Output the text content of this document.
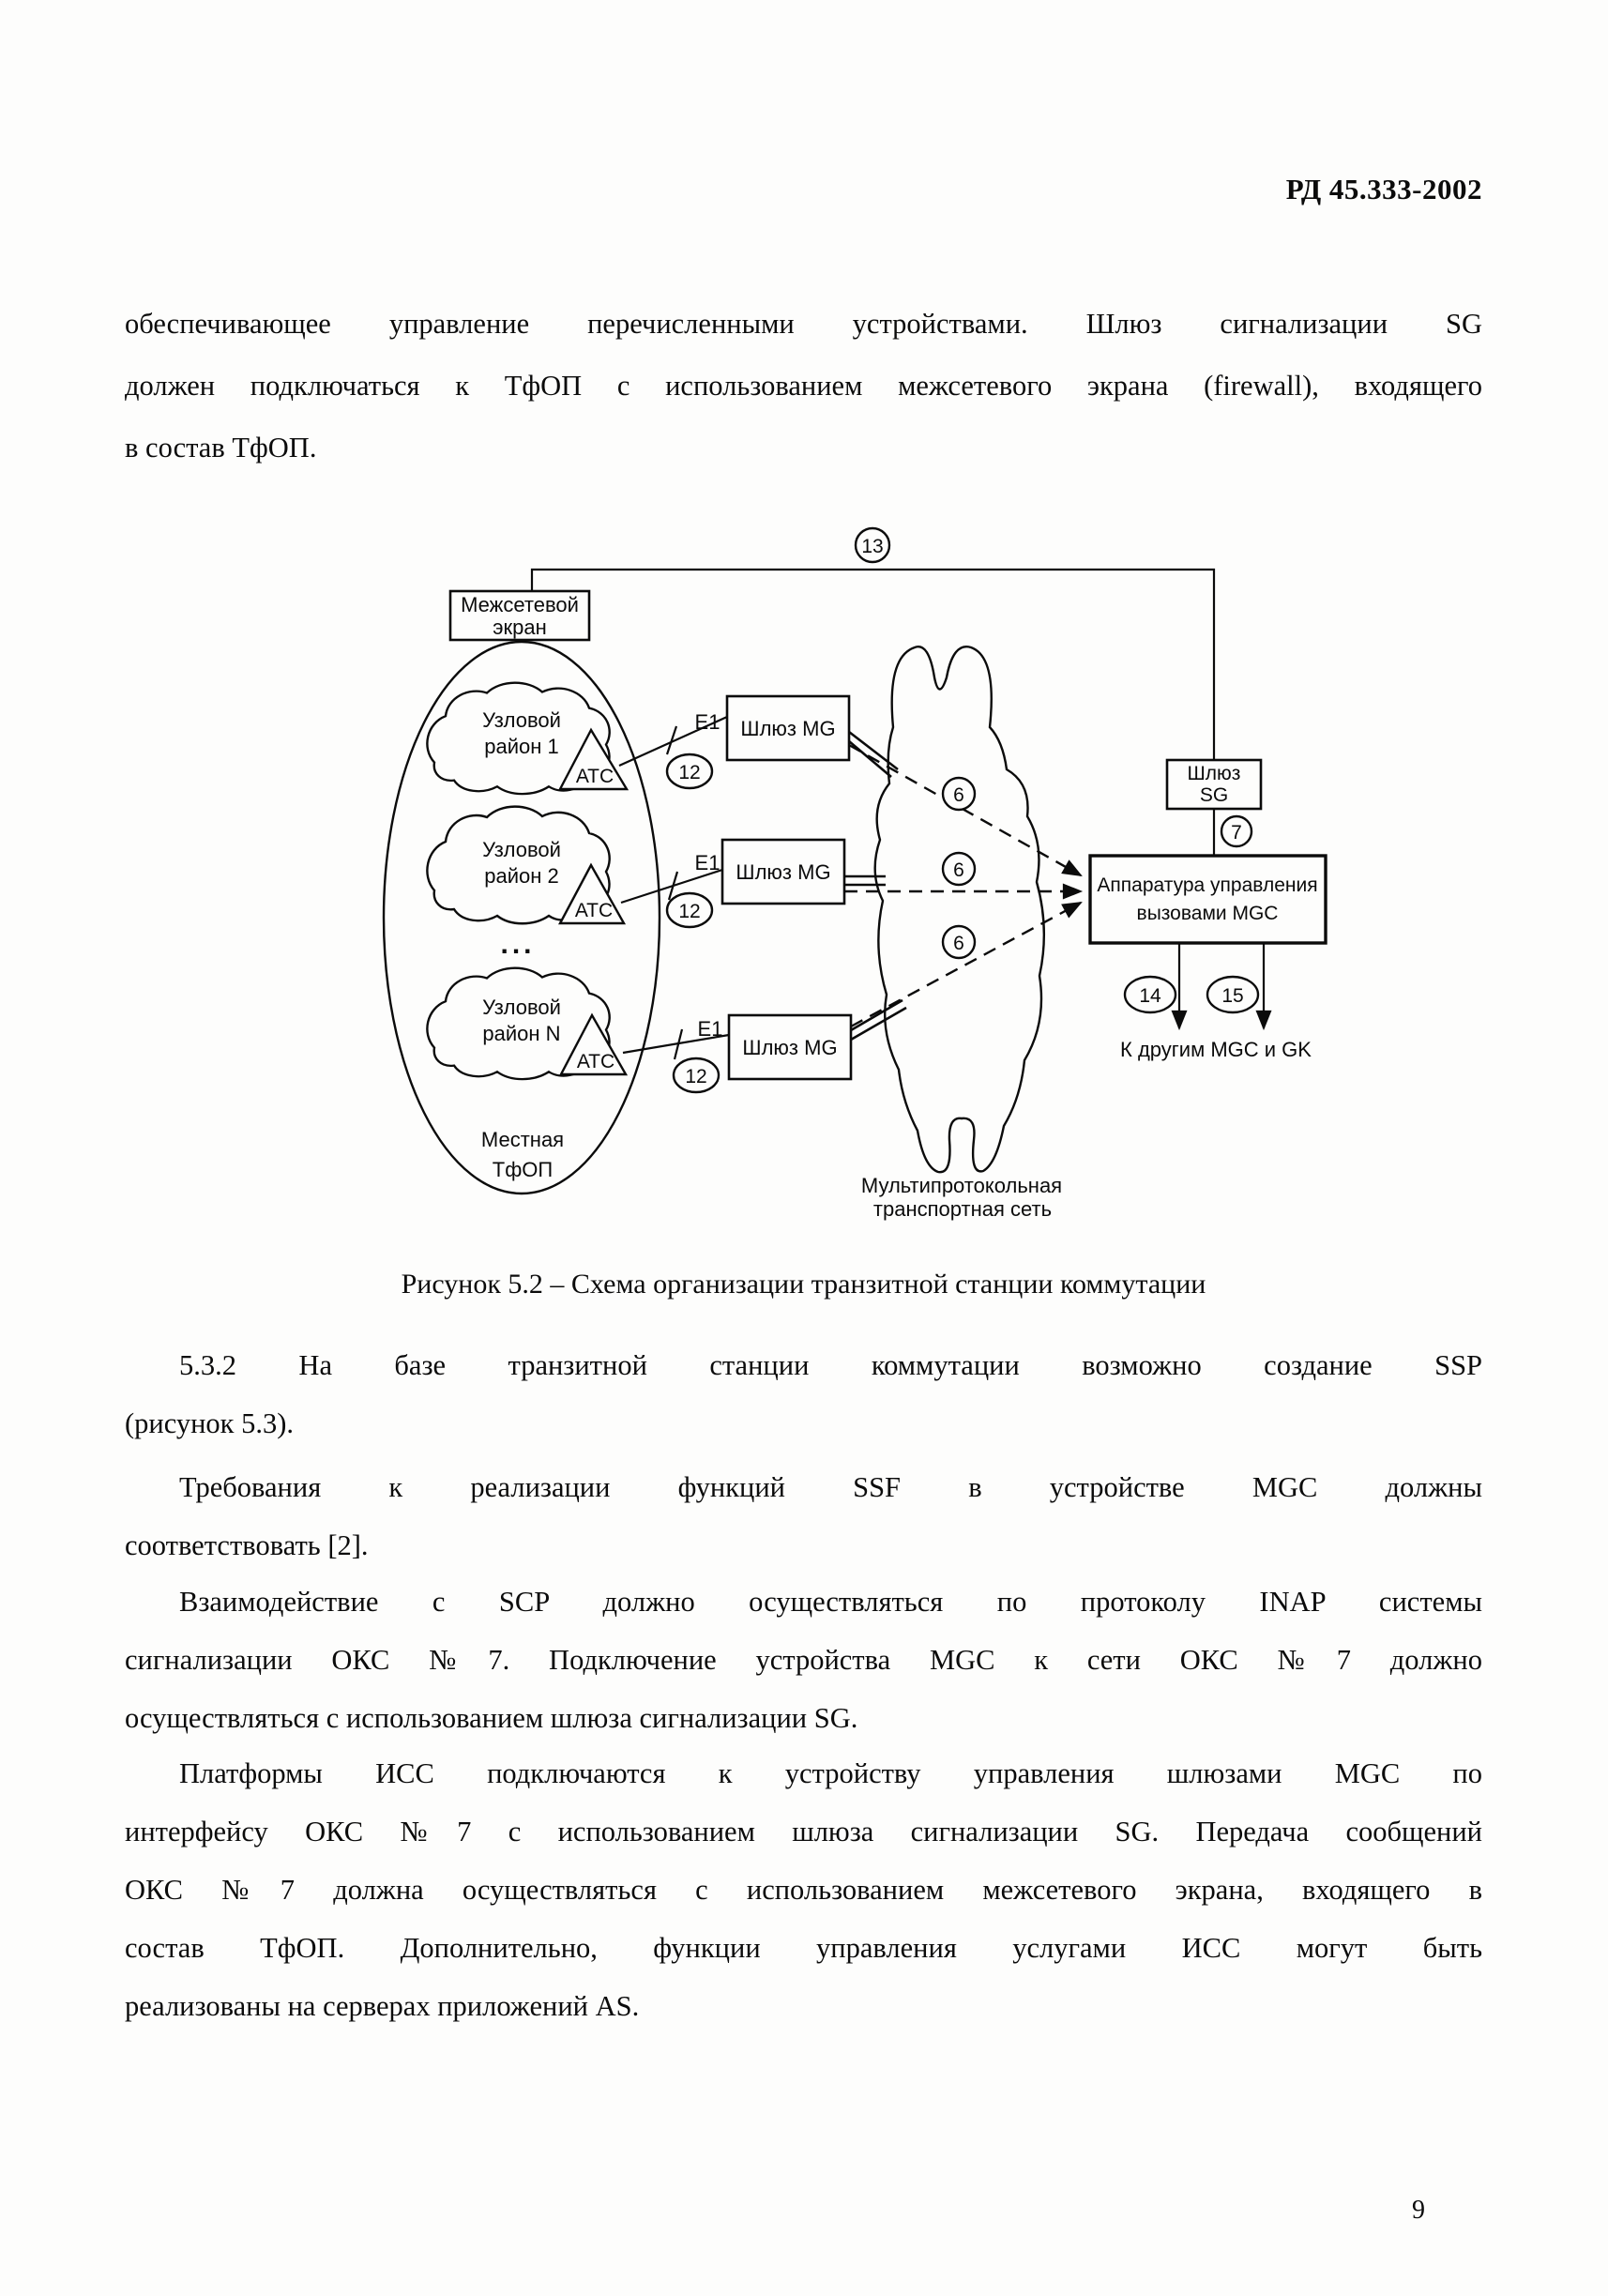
РД 45.333-2002
обеспечивающее управление перечисленными устройствами. Шлюз сигнализации SG
должен подключаться к ТфОП с использованием межсетевого экрана (firewall), входящего
в состав ТфОП.
13
Межсетевой
экран
Узловой
район 1
Узловой
район 2
Узловой
район N
...
Местная
ТфОП
АТС
АТС
АТС
E1
E1
E1
12
12
12
Мультипротокольная
транспортная сеть
Шлюз MG
Шлюз MG
Шлюз MG
6
6
6
Шлюз
SG
7
Аппаратура управления
вызовами MGC
14	15
К другим MGC и GK
Рисунок 5.2 – Схема организации транзитной станции коммутации
5.3.2 На базе транзитной станции коммутации возможно создание SSP
(рисунок 5.3).
Требования к реализации функций SSF в устройстве MGC должны
соответствовать [2].
Взаимодействие с SCP должно осуществляться по протоколу INAP системы
сигнализации ОКС №7. Подключение устройства MGC к сети ОКС №7 должно
осуществляться с использованием шлюза сигнализации SG.
Платформы ИСС подключаются к устройству управления шлюзами MGC по
интерфейсу ОКС №7 с использованием шлюза сигнализации SG. Передача сообщений
ОКС №7 должна осуществляться с использованием межсетевого экрана, входящего в
состав ТфОП. Дополнительно, функции управления услугами ИСС могут быть
реализованы на серверах приложений AS.
9
